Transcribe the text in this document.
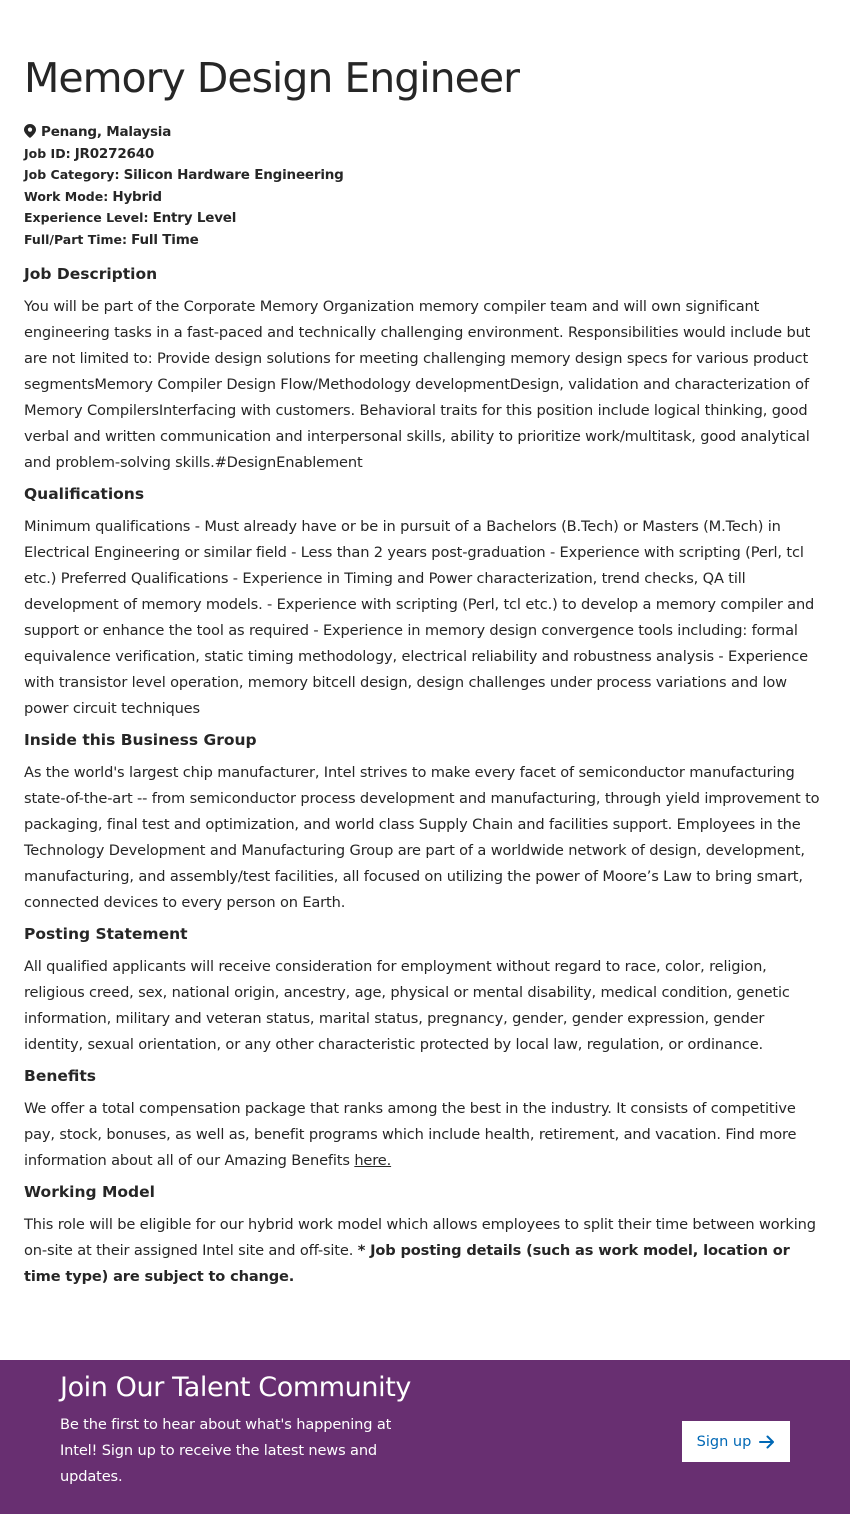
Memory Design Engineer
Penang, Malaysia
Job ID: JR0272640
Job Category: Silicon Hardware Engineering
Work Mode: Hybrid
Experience Level: Entry Level
Full/Part Time: Full Time
Job Description

You will be part of the Corporate Memory Organization memory compiler team and will own significant engineering tasks in a fast-paced and technically challenging environment. Responsibilities would include but are not limited to: Provide design solutions for meeting challenging memory design specs for various product segmentsMemory Compiler Design Flow/Methodology developmentDesign, validation and characterization of Memory CompilersInterfacing with customers. Behavioral traits for this position include logical thinking, good verbal and written communication and interpersonal skills, ability to prioritize work/multitask, good analytical and problem-solving skills.#DesignEnablement

Qualifications

Minimum qualifications - Must already have or be in pursuit of a Bachelors (B.Tech) or Masters (M.Tech) in Electrical Engineering or similar field - Less than 2 years post-graduation - Experience with scripting (Perl, tcl etc.) Preferred Qualifications - Experience in Timing and Power characterization, trend checks, QA till development of memory models. - Experience with scripting (Perl, tcl etc.) to develop a memory compiler and support or enhance the tool as required - Experience in memory design convergence tools including: formal equivalence verification, static timing methodology, electrical reliability and robustness analysis - Experience with transistor level operation, memory bitcell design, design challenges under process variations and low power circuit techniques

Inside this Business Group

As the world's largest chip manufacturer, Intel strives to make every facet of semiconductor manufacturing state-of-the-art -- from semiconductor process development and manufacturing, through yield improvement to packaging, final test and optimization, and world class Supply Chain and facilities support. Employees in the Technology Development and Manufacturing Group are part of a worldwide network of design, development, manufacturing, and assembly/test facilities, all focused on utilizing the power of Moore’s Law to bring smart, connected devices to every person on Earth.

Posting Statement

All qualified applicants will receive consideration for employment without regard to race, color, religion, religious creed, sex, national origin, ancestry, age, physical or mental disability, medical condition, genetic information, military and veteran status, marital status, pregnancy, gender, gender expression, gender identity, sexual orientation, or any other characteristic protected by local law, regulation, or ordinance.

Benefits

We offer a total compensation package that ranks among the best in the industry. It consists of competitive pay, stock, bonuses, as well as, benefit programs which include health, retirement, and vacation. Find more information about all of our Amazing Benefits here.

Working Model

This role will be eligible for our hybrid work model which allows employees to split their time between working on-site at their assigned Intel site and off-site. * Job posting details (such as work model, location or time type) are subject to change.

Join Our Talent Community

Be the first to hear about what's happening at Intel! Sign up to receive the latest news and updates.

Sign up
